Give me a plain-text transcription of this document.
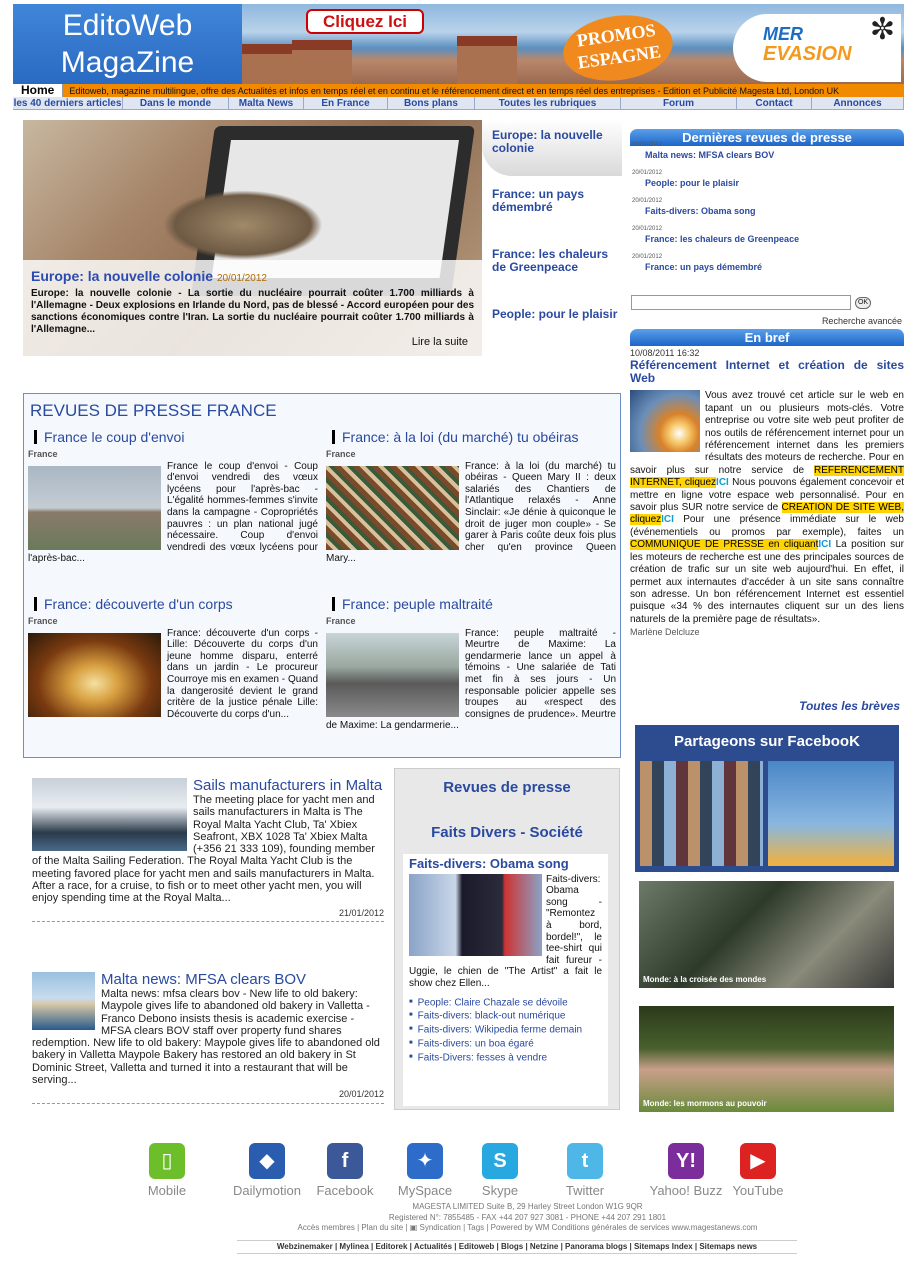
EditoWeb
MagaZine
Cliquez Ici	PROMOS ESPAGNE
MER
EVASION
✼
Home Editoweb, magazine multilingue, offre des Actualités et infos en temps réel et en continu et le référencement direct et en temps réel des entreprises - Edition et Publicité Magesta Ltd, London UK
les 40 derniers articles	Dans le monde	Malta News	En France	Bons plans	Toutes les rubriques	Forum	Contact	Annonces
Europe: la nouvelle colonie 20/01/2012
Europe: la nouvelle colonie - La sortie du nucléaire pourrait coûter 1.700 milliards à l'Allemagne - Deux explosions en Irlande du Nord, pas de blessé - Accord européen pour des sanctions économiques contre l'Iran. La sortie du nucléaire pourrait coûter 1.700 milliards à l'Allemagne...
Lire la suite
Europe: la nouvelle colonie
France: un pays démembré
France: les chaleurs de Greenpeace
People: pour le plaisir
Dernières revues de presse
20/01/2012
Malta news: MFSA clears BOV
20/01/2012
People: pour le plaisir
20/01/2012
Faits-divers: Obama song
20/01/2012
France: les chaleurs de Greenpeace
20/01/2012
France: un pays démembré
OK
Recherche avancée
En bref
10/08/2011 16:32
Référencement Internet et création de sites Web
Vous avez trouvé cet article sur le web en tapant un ou plusieurs mots-clés. Votre entreprise ou votre site web peut profiter de nos outils de référencement internet pour un référencement internet dans les premiers résultats des moteurs de recherche. Pour en savoir plus sur notre service de REFERENCEMENT INTERNET, cliquezICI Nous pouvons également concevoir et mettre en ligne votre espace web personnalisé. Pour en savoir plus SUR notre service de CREATION DE SITE WEB, cliquezICI Pour une présence immédiate sur le web (événementiels ou promos par exemple), faites un COMMUNIQUE DE PRESSE en cliquantICI La position sur les moteurs de recherche est une des principales sources de création de trafic sur un site web aujourd'hui. En effet, il permet aux internautes d'accéder à un site sans connaître son adresse. Un bon référencement Internet est essentiel puisque «34 % des internautes cliquent sur un des liens naturels de la première page de résultats».
Marlène Delcluze
Toutes les brèves
Partageons sur FacebooK
Monde: à la croisée des mondes
Monde: les mormons au pouvoir
REVUES DE PRESSE FRANCE
France le coup d'envoi
France
France le coup d'envoi - Coup d'envoi vendredi des vœux lycéens pour l'après-bac - L'égalité hommes-femmes s'invite dans la campagne - Copropriétés pauvres : un plan national jugé nécessaire. Coup d'envoi vendredi des vœux lycéens pour l'après-bac...
France: à la loi (du marché) tu obéiras
France
France: à la loi (du marché) tu obéiras - Queen Mary II : deux salariés des Chantiers de l'Atlantique relaxés - Anne Sinclair: «Je dénie à quiconque le droit de juger mon couple» - Se garer à Paris coûte deux fois plus cher qu'en province Queen Mary...
France: découverte d'un corps
France
France: découverte d'un corps - Lille: Découverte du corps d'un jeune homme disparu, enterré dans un jardin - Le procureur Courroye mis en examen - Quand la dangerosité devient le grand critère de la justice pénale Lille: Découverte du corps d'un...
France: peuple maltraité
France
France: peuple maltraité - Meurtre de Maxime: La gendarmerie lance un appel à témoins - Une salariée de Tati met fin à ses jours - Un responsable policier appelle ses troupes au «respect des consignes de prudence». Meurtre de Maxime: La gendarmerie...
Sails manufacturers in Malta
The meeting place for yacht men and sails manufacturers in Malta is The Royal Malta Yacht Club, Ta' Xbiex Seafront, XBX 1028 Ta' Xbiex Malta (+356 21 333 109), founding member of the Malta Sailing Federation. The Royal Malta Yacht Club is the meeting favored place for yacht men and sails manufacturers in Malta. After a race, for a cruise, to fish or to meet other yacht men, you will enjoy spending time at the Royal Malta...
21/01/2012
Malta news: MFSA clears BOV
Malta news: mfsa clears bov - New life to old bakery: Maypole gives life to abandoned old bakery in Valletta - Franco Debono insists thesis is academic exercise - MFSA clears BOV staff over property fund shares redemption. New life to old bakery: Maypole gives life to abandoned old bakery in Valletta Maypole Bakery has restored an old bakery in St Dominic Street, Valletta and turned it into a restaurant that will be serving...
20/01/2012
Revues de presse
Faits Divers - Société
Faits-divers: Obama song
Faits-divers: Obama song - "Remontez à bord, bordel!", le tee-shirt qui fait fureur - Uggie, le chien de "The Artist" a fait le show chez Ellen...
■ People: Claire Chazale se dévoile
■ Faits-divers: black-out numérique
■ Faits-divers: Wikipedia ferme demain
■ Faits-divers: un boa égaré
■ Faits-Divers: fesses à vendre
▯
Mobile
◆
Dailymotion
f
Facebook
✦
MySpace
S
Skype
t
Twitter
Y!
Yahoo! Buzz
▶
YouTube
MAGESTA LIMITED Suite B, 29 Harley Street London W1G 9QR
Registered N°: 7855485 - FAX +44 207 927 3081 - PHONE +44 207 291 1801
Accès membres | Plan du site | ▣ Syndication | Tags | Powered by WM Conditions générales de services www.magestanews.com
Webzinemaker | Mylinea | Editorek | Actualités | Editoweb | Blogs | Netzine | Panorama blogs | Sitemaps Index | Sitemaps news
